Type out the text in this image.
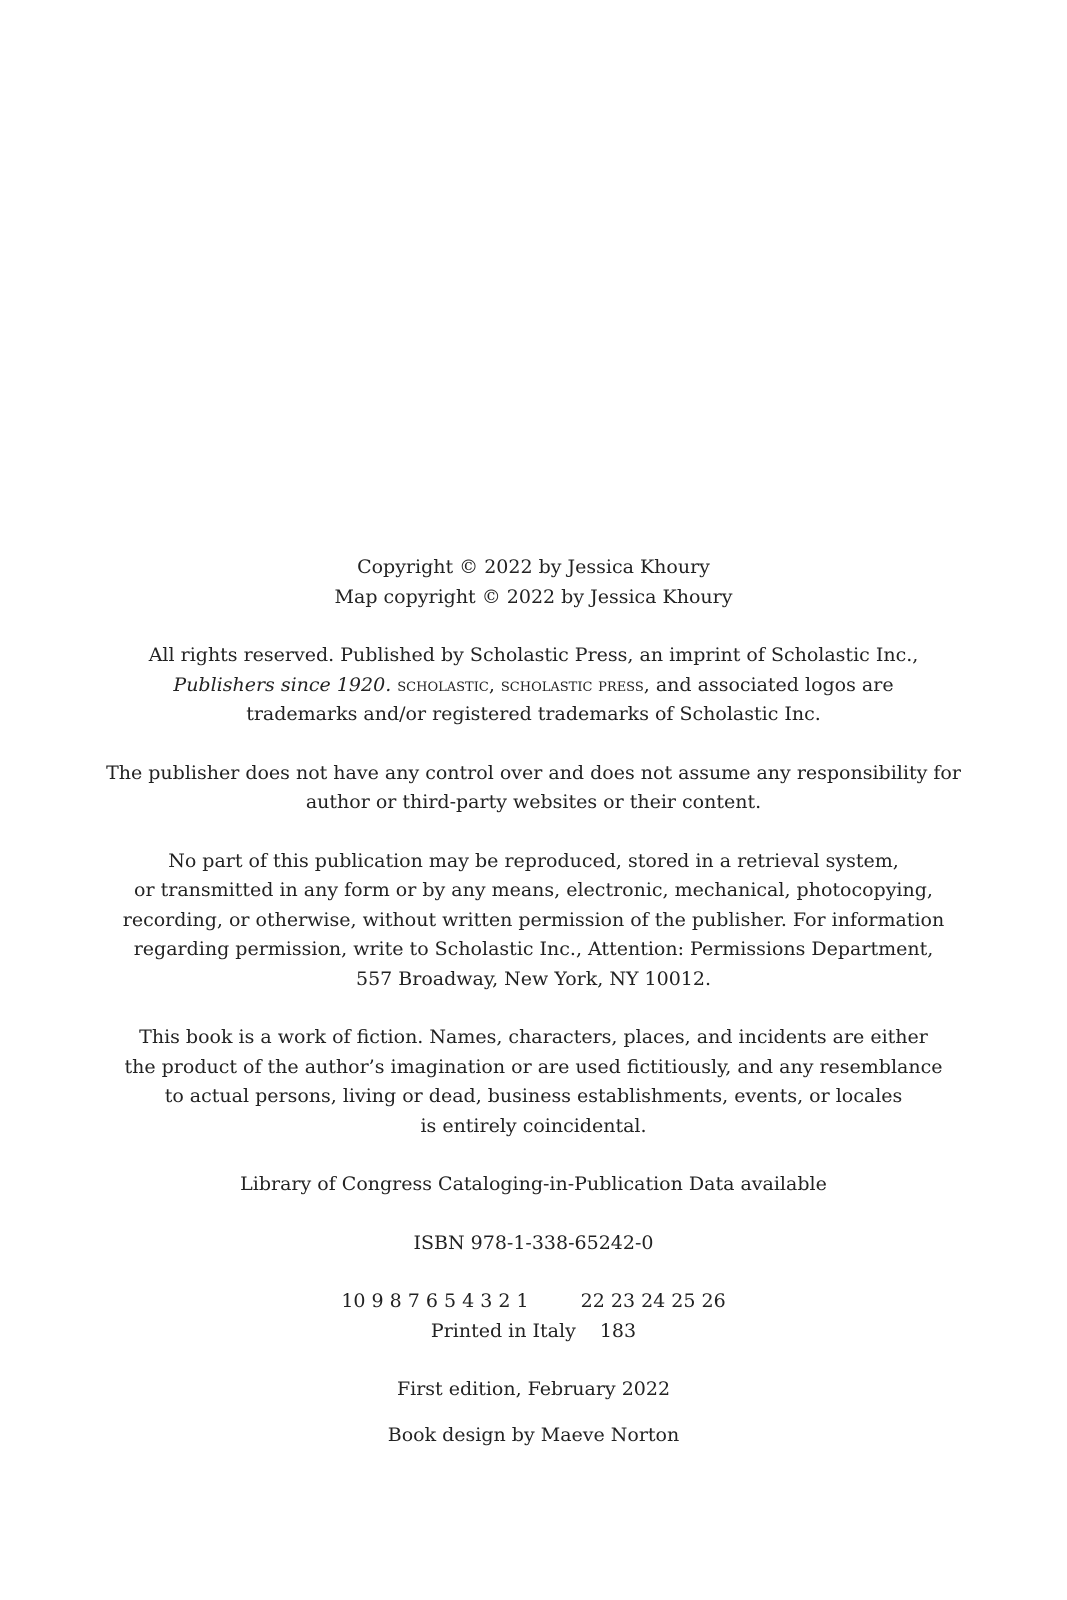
Copyright © 2022 by Jessica Khoury
Map copyright © 2022 by Jessica Khoury
All rights reserved. Published by Scholastic Press, an imprint of Scholastic Inc.,
Publishers since 1920. scholastic, scholastic press, and associated logos are
trademarks and/or registered trademarks of Scholastic Inc.
The publisher does not have any control over and does not assume any responsibility for
author or third-party websites or their content.
No part of this publication may be reproduced, stored in a retrieval system,
or transmitted in any form or by any means, electronic, mechanical, photocopying,
recording, or otherwise, without written permission of the publisher. For information
regarding permission, write to Scholastic Inc., Attention: Permissions Department,
557 Broadway, New York, NY 10012.
This book is a work of fiction. Names, characters, places, and incidents are either
the product of the author’s imagination or are used fictitiously, and any resemblance
to actual persons, living or dead, business establishments, events, or locales
is entirely coincidental.
Library of Congress Cataloging-in-Publication Data available
ISBN 978-1-338-65242-0
10 9 8 7 6 5 4 3 2 1	22 23 24 25 26
Printed in Italy 183
First edition, February 2022
Book design by Maeve Norton
